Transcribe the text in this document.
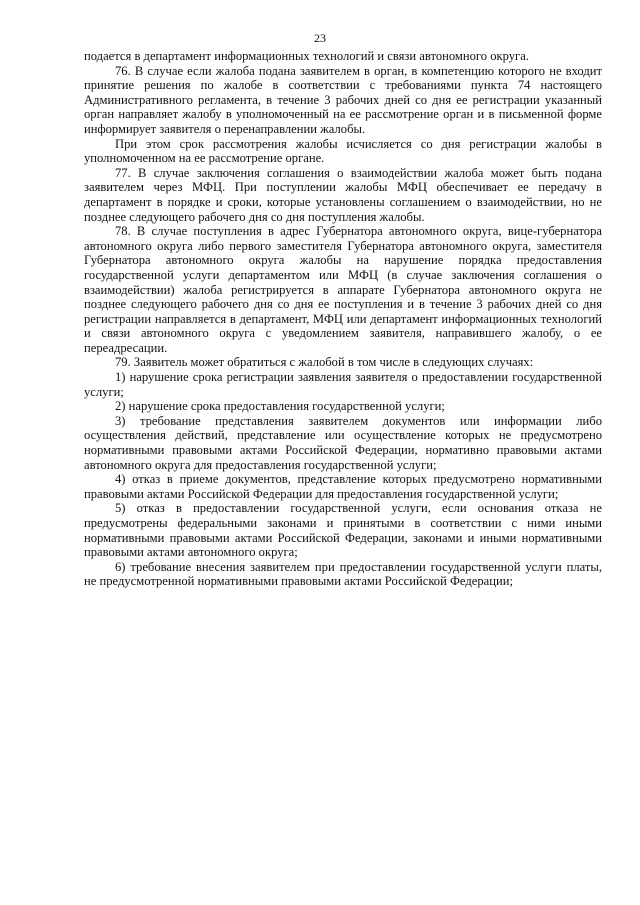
23

подается в департамент информационных технологий и связи автономного округа.

76. В случае если жалоба подана заявителем в орган, в компетенцию которого не входит принятие решения по жалобе в соответствии с требованиями пункта 74 настоящего Административного регламента, в течение 3 рабочих дней со дня ее регистрации указанный орган направляет жалобу в уполномоченный на ее рассмотрение орган и в письменной форме информирует заявителя о перенаправлении жалобы.

При этом срок рассмотрения жалобы исчисляется со дня регистрации жалобы в уполномоченном на ее рассмотрение органе.

77. В случае заключения соглашения о взаимодействии жалоба может быть подана заявителем через МФЦ. При поступлении жалобы МФЦ обеспечивает ее передачу в департамент в порядке и сроки, которые установлены соглашением о взаимодействии, но не позднее следующего рабочего дня со дня поступления жалобы.

78. В случае поступления в адрес Губернатора автономного округа, вице-губернатора автономного округа либо первого заместителя Губернатора автономного округа, заместителя Губернатора автономного округа жалобы на нарушение порядка предоставления государственной услуги департаментом или МФЦ (в случае заключения соглашения о взаимодействии) жалоба регистрируется в аппарате Губернатора автономного округа не позднее следующего рабочего дня со дня ее поступления и в течение 3 рабочих дней со дня регистрации направляется в департамент, МФЦ или департамент информационных технологий и связи автономного округа с уведомлением заявителя, направившего жалобу, о ее переадресации.

79. Заявитель может обратиться с жалобой в том числе в следующих случаях:

1) нарушение срока регистрации заявления заявителя о предоставлении государственной услуги;

2) нарушение срока предоставления государственной услуги;

3) требование представления заявителем документов или информации либо осуществления действий, представление или осуществление которых не предусмотрено нормативными правовыми актами Российской Федерации, нормативно правовыми актами автономного округа для предоставления государственной услуги;

4) отказ в приеме документов, представление которых предусмотрено нормативными правовыми актами Российской Федерации для предоставления государственной услуги;

5) отказ в предоставлении государственной услуги, если основания отказа не предусмотрены федеральными законами и принятыми в соответствии с ними иными нормативными правовыми актами Российской Федерации, законами и иными нормативными правовыми актами автономного округа;

6) требование внесения заявителем при предоставлении государственной услуги платы, не предусмотренной нормативными правовыми актами Российской Федерации;
